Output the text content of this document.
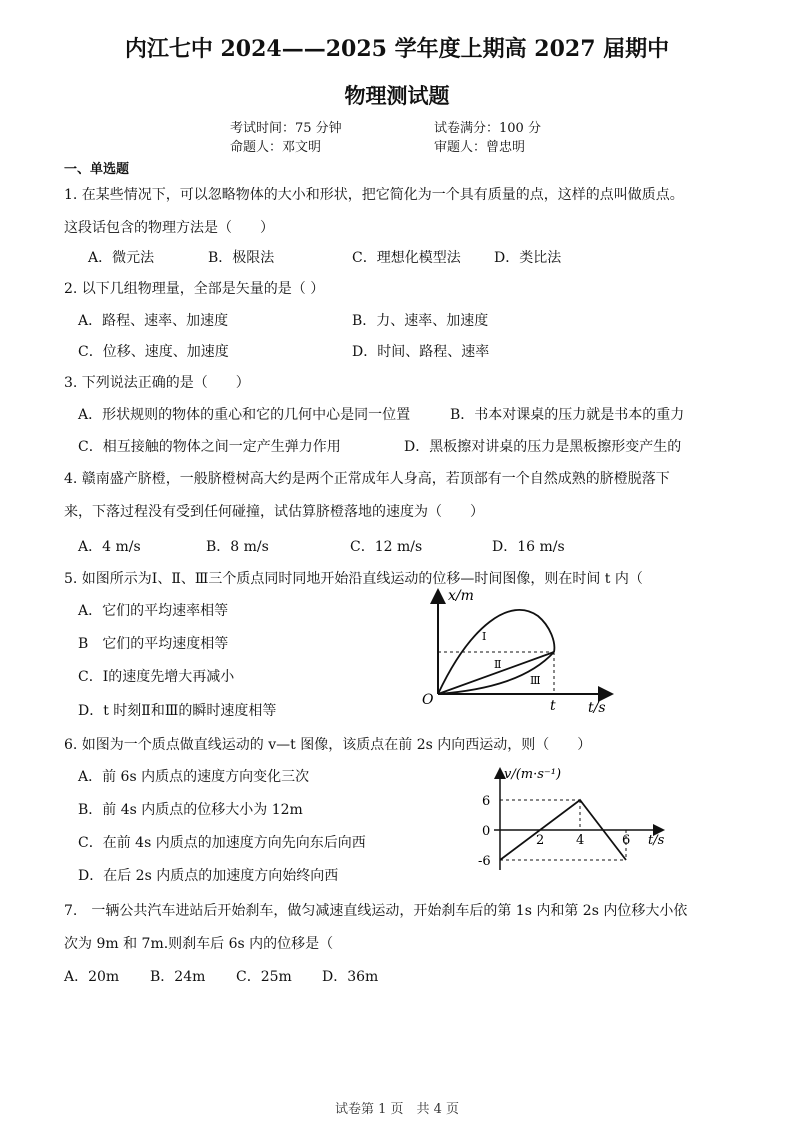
内江七中 2024——2025 学年度上期高 2027 届期中
物理测试题
考试时间：75 分钟	试卷满分：100 分
命题人：邓文明	审题人：曾忠明
一、单选题
1. 在某些情况下，可以忽略物体的大小和形状，把它简化为一个具有质量的点，这样的点叫做质点。
这段话包含的物理方法是（　　）
A．微元法	B．极限法	C．理想化模型法 D．类比法
2. 以下几组物理量，全部是矢量的是（ ）
A．路程、速率、加速度	B．力、速率、加速度
C．位移、速度、加速度	D．时间、路程、速率
3. 下列说法正确的是（　　）
A．形状规则的物体的重心和它的几何中心是同一位置	B．书本对课桌的压力就是书本的重力
C．相互接触的物体之间一定产生弹力作用	D．黑板擦对讲桌的压力是黑板擦形变产生的
4. 赣南盛产脐橙，一般脐橙树高大约是两个正常成年人身高，若顶部有一个自然成熟的脐橙脱落下
来，下落过程没有受到任何碰撞，试估算脐橙落地的速度为（　　）
A．4 m/s	B．8 m/s	C．12 m/s	D．16 m/s
5. 如图所示为Ⅰ、Ⅱ、Ⅲ三个质点同时同地开始沿直线运动的位移—时间图像，则在时间 t 内（
A．它们的平均速率相等
B　它们的平均速度相等
C．Ⅰ的速度先增大再减小
D．t 时刻Ⅱ和Ⅲ的瞬时速度相等
x/m
t/s
O	t
Ⅰ
Ⅱ
Ⅲ
6. 如图为一个质点做直线运动的 v—t 图像，该质点在前 2s 内向西运动，则（　　）
A．前 6s 内质点的速度方向变化三次
B．前 4s 内质点的位移大小为 12m
C．在前 4s 内质点的加速度方向先向东后向西
D．在后 2s 内质点的加速度方向始终向西
v/(m·s⁻¹)
t/s
6
0
-6
2 4	6
7.　一辆公共汽车进站后开始刹车，做匀减速直线运动，开始刹车后的第 1s 内和第 2s 内位移大小依
次为 9m 和 7m.则刹车后 6s 内的位移是（
A．20m B．24m C．25m D．36m
试卷第 1 页　共 4 页
